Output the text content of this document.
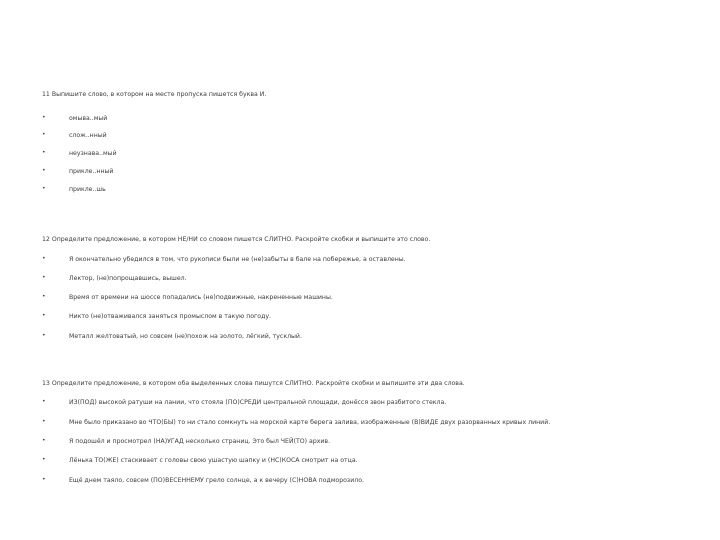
11 Выпишите слово, в котором на месте пропуска пишется буква И.
•	омыва..мый
•	слож..нный
•	неузнава..мый
•	прикле..нный
•	прикле..шь
12 Определите предложение, в котором НЕ/НИ со словом пишется СЛИТНО. Раскройте скобки и выпишите это слово.
•	Я окончательно убедился в том, что рукописи были не (не)забыты в бале на побережье, а оставлены.
•	Лектор, (не)попрощавшись, вышел.
•	Время от времени на шоссе попадались (не)подвижные, накрененные машины.
•	Никто (не)отваживался заняться промыслом в такую погоду.
•	Металл желтоватый, но совсем (не)похож на золото, лёгкий, тусклый.
13 Определите предложение, в котором оба выделенных слова пишутся СЛИТНО. Раскройте скобки и выпишите эти два слова.
•	ИЗ(ПОД) высокой ратуши на лании, что стояла (ПО)СРЕДИ центральной площади, донёсся звон разбитого стекла.
•	Мне было приказано во ЧТО(БЫ) то ни стало сомкнуть на морской карте берега залива, изображенные (В)ВИДЕ двух разорванных кривых линий.
•	Я подошёл и просмотрел (НА)УГАД несколько страниц. Это был ЧЕЙ(ТО) архив.
•	Лёнька ТО(ЖЕ) стаскивает с головы свою ушастую шапку и (НС)КОСА смотрит на отца.
•	Ещё днем таяло, совсем (ПО)ВЕСЕННЕМУ грело солнце, а к вечеру (С)НОВА подморозило.
